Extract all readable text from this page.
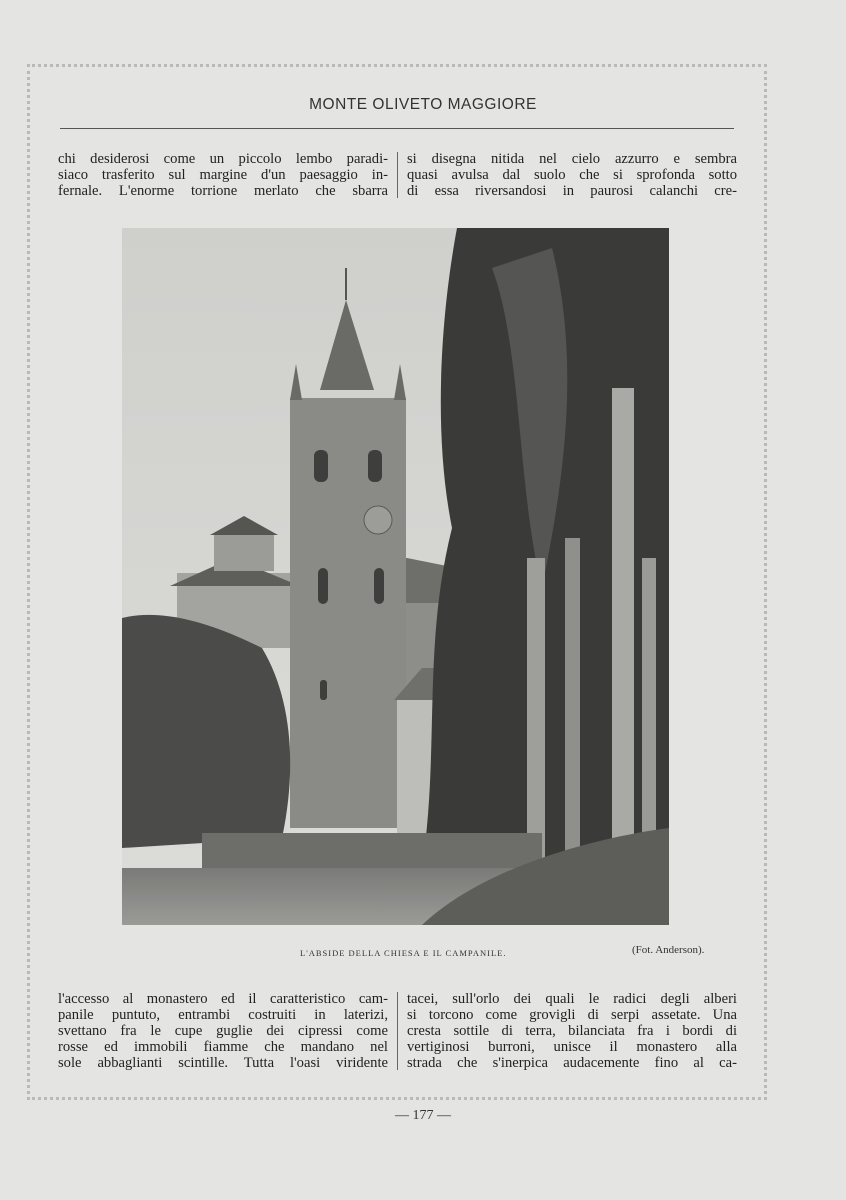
MONTE OLIVETO MAGGIORE
chi desiderosi come un piccolo lembo paradi-
siaco trasferito sul margine d'un paesaggio in-
fernale. L'enorme torrione merlato che sbarra
si disegna nitida nel cielo azzurro e sembra
quasi avulsa dal suolo che si sprofonda sotto
di essa riversandosi in paurosi calanchi cre-
L'ABSIDE DELLA CHIESA E IL CAMPANILE.	(Fot. Anderson).
l'accesso al monastero ed il caratteristico cam-
panile puntuto, entrambi costruiti in laterizi,
svettano fra le cupe guglie dei cipressi come
rosse ed immobili fiamme che mandano nel
sole abbaglianti scintille. Tutta l'oasi viridente
tacei, sull'orlo dei quali le radici degli alberi
si torcono come grovigli di serpi assetate. Una
cresta sottile di terra, bilanciata fra i bordi di
vertiginosi burroni, unisce il monastero alla
strada che s'inerpica audacemente fino al ca-
— 177 —
